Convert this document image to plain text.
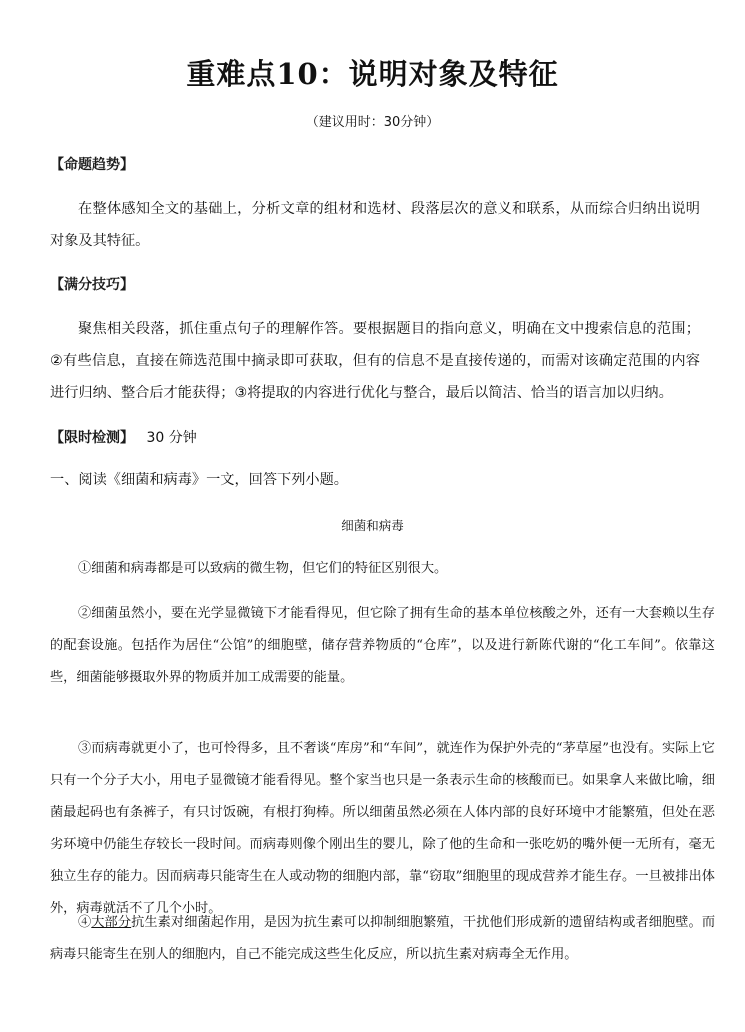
重难点10：说明对象及特征
（建议用时：30分钟）
【命题趋势】
在整体感知全文的基础上，分析文章的组材和选材、段落层次的意义和联系，从而综合归纳出说明对象及其特征。
【满分技巧】
聚焦相关段落，抓住重点句子的理解作答。要根据题目的指向意义，明确在文中搜索信息的范围；②有些信息，直接在筛选范围中摘录即可获取，但有的信息不是直接传递的，而需对该确定范围的内容进行归纳、整合后才能获得；③将提取的内容进行优化与整合，最后以简洁、恰当的语言加以归纳。
【限时检测】 30 分钟
一、阅读《细菌和病毒》一文，回答下列小题。
细菌和病毒
①细菌和病毒都是可以致病的微生物，但它们的特征区别很大。
②细菌虽然小，要在光学显微镜下才能看得见，但它除了拥有生命的基本单位核酸之外，还有一大套赖以生存的配套设施。包括作为居住“公馆”的细胞壁，储存营养物质的“仓库”，以及进行新陈代谢的“化工车间”。依靠这些，细菌能够摄取外界的物质并加工成需要的能量。
③而病毒就更小了，也可怜得多，且不奢谈“库房”和“车间”，就连作为保护外壳的“茅草屋”也没有。实际上它只有一个分子大小，用电子显微镜才能看得见。整个家当也只是一条表示生命的核酸而已。如果拿人来做比喻，细菌最起码也有条裤子，有只讨饭碗，有根打狗棒。所以细菌虽然必须在人体内部的良好环境中才能繁殖，但处在恶劣环境中仍能生存较长一段时间。而病毒则像个刚出生的婴儿，除了他的生命和一张吃奶的嘴外便一无所有，毫无独立生存的能力。因而病毒只能寄生在人或动物的细胞内部，靠“窃取”细胞里的现成营养才能生存。一旦被排出体外，病毒就活不了几个小时。
④大部分抗生素对细菌起作用，是因为抗生素可以抑制细胞繁殖，干扰他们形成新的遗留结构或者细胞壁。而病毒只能寄生在别人的细胞内，自己不能完成这些生化反应，所以抗生素对病毒全无作用。
